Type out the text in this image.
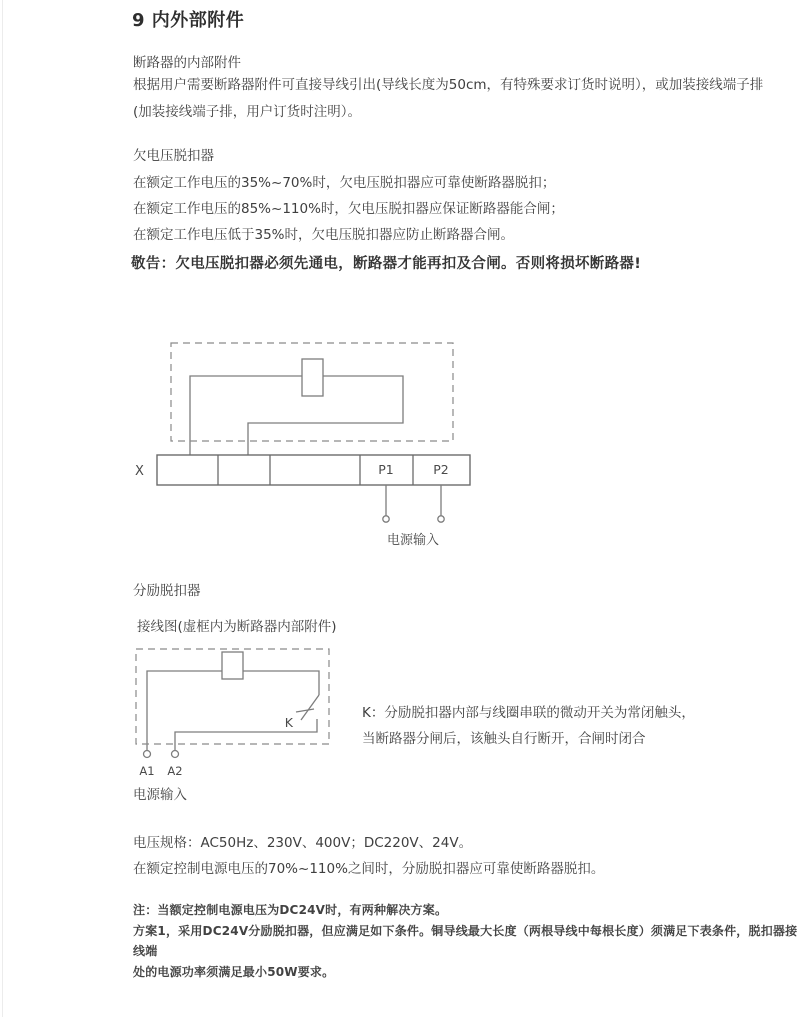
9 内外部附件
断路器的内部附件
根据用户需要断路器附件可直接导线引出(导线长度为50cm，有特殊要求订货时说明），或加装接线端子排
(加装接线端子排，用户订货时注明）。
欠电压脱扣器
在额定工作电压的35%~70%时，欠电压脱扣器应可靠使断路器脱扣；
在额定工作电压的85%~110%时，欠电压脱扣器应保证断路器能合闸；
在额定工作电压低于35%时，欠电压脱扣器应防止断路器合闸。
敬告：欠电压脱扣器必须先通电，断路器才能再扣及合闸。否则将损坏断路器!
X	P1	P2
电源输入
分励脱扣器
接线图(虚框内为断路器内部附件)
K
A1 A2
电源输入
K：分励脱扣器内部与线圈串联的微动开关为常闭触头，
当断路器分闸后，该触头自行断开，合闸时闭合
电压规格：AC50Hz、230V、400V；DC220V、24V。
在额定控制电源电压的70%~110%之间时，分励脱扣器应可靠使断路器脱扣。
注：当额定控制电源电压为DC24V时，有两种解决方案。
方案1，采用DC24V分励脱扣器，但应满足如下条件。铜导线最大长度（两根导线中每根长度）须满足下表条件，脱扣器接线端
处的电源功率须满足最小50W要求。
